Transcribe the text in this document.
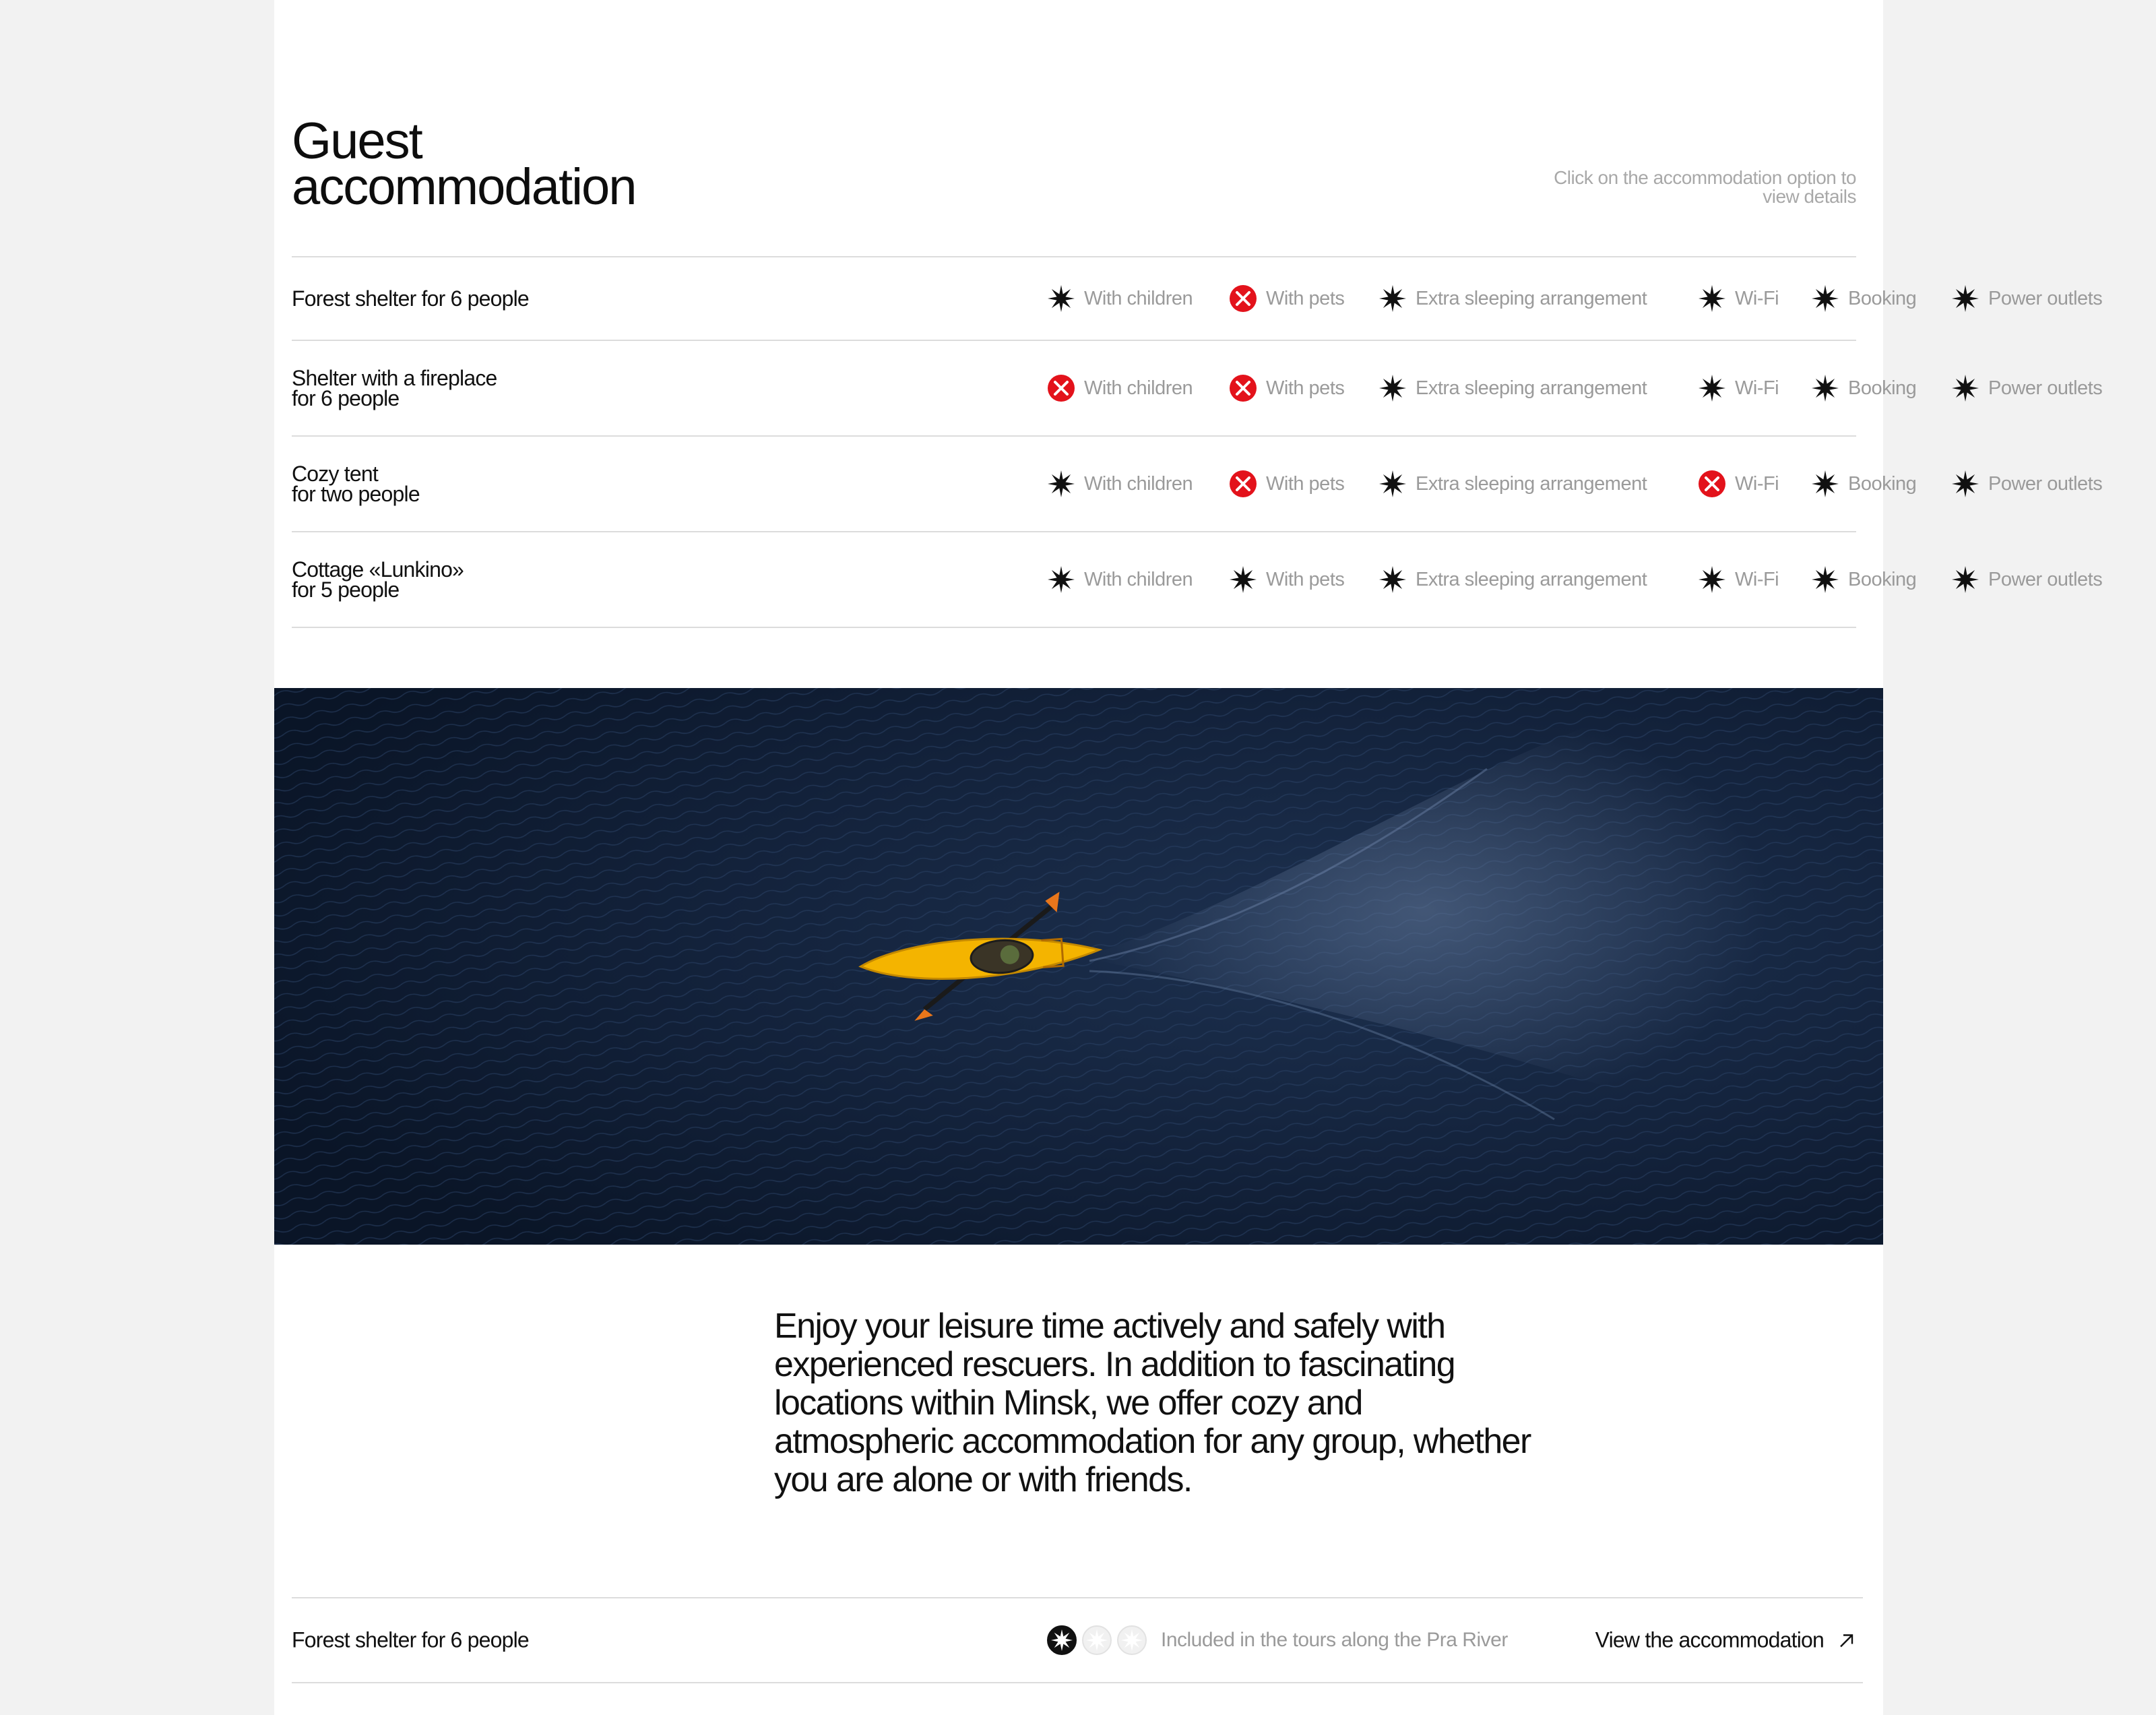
Guest
accommodation	Click on the accommodation option to view details
Forest shelter for 6 people	With children	With pets	Extra sleeping arrangement	Wi-Fi	Booking	Power outlets
Shelter with a fireplace
for 6 people	With children	With pets	Extra sleeping arrangement	Wi-Fi	Booking	Power outlets
Cozy tent
for two people	With children	With pets	Extra sleeping arrangement	Wi-Fi	Booking	Power outlets
Cottage «Lunkino»
for 5 people	With children	With pets	Extra sleeping arrangement	Wi-Fi	Booking	Power outlets

Enjoy your leisure time actively and safely with experienced rescuers. In addition to fascinating locations within Minsk, we offer cozy and atmospheric accommodation for any group, whether you are alone or with friends.

Forest shelter for 6 people	Included in the tours along the Pra River	View the accommodation
